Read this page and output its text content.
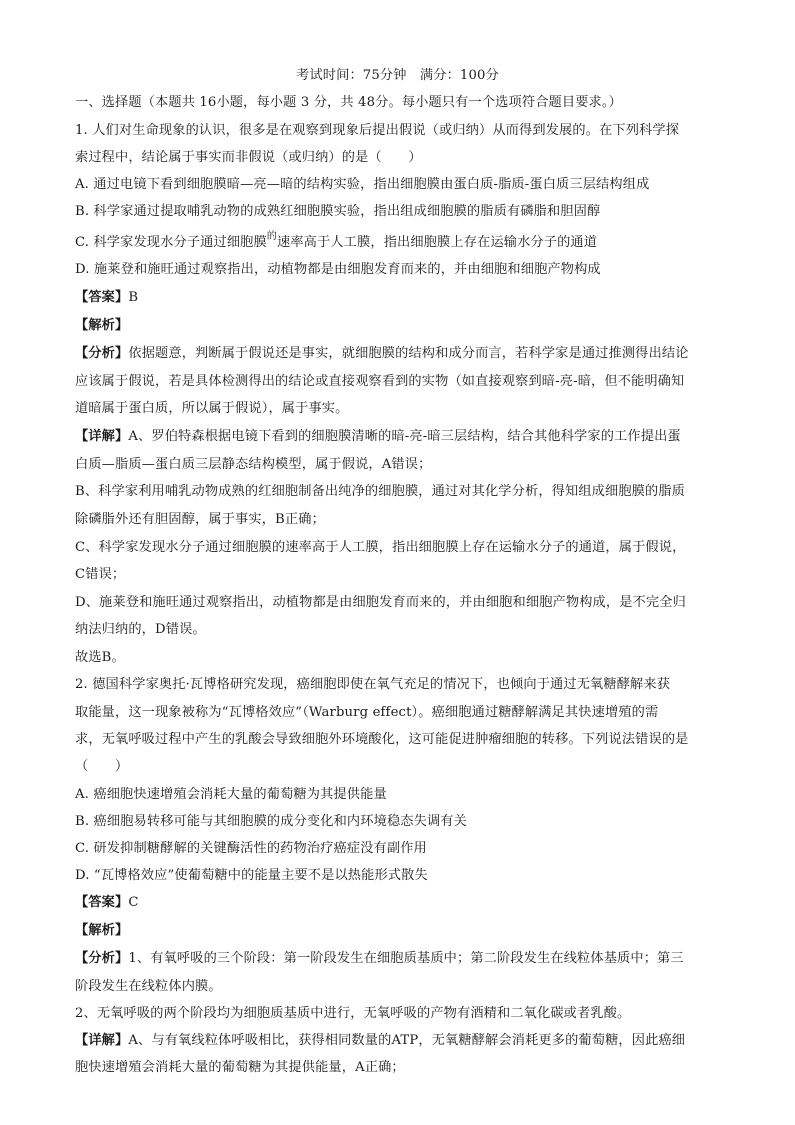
考试时间：75分钟　满分：100分
一、选择题（本题共 16小题，每小题 3 分，共 48分。每小题只有一个选项符合题目要求。）
1. 人们对生命现象的认识，很多是在观察到现象后提出假说（或归纳）从而得到发展的。在下列科学探
索过程中，结论属于事实而非假说（或归纳）的是（　　）
A. 通过电镜下看到细胞膜暗—亮—暗的结构实验，指出细胞膜由蛋白质-脂质-蛋白质三层结构组成
B. 科学家通过提取哺乳动物的成熟红细胞膜实验，指出组成细胞膜的脂质有磷脂和胆固醇
C. 科学家发现水分子通过细胞膜$^的$速率高于人工膜，指出细胞膜上存在运输水分子的通道
D. 施莱登和施旺通过观察指出，动植物都是由细胞发育而来的，并由细胞和细胞产物构成
【答案】B
【解析】
【分析】依据题意，判断属于假说还是事实，就细胞膜的结构和成分而言，若科学家是通过推测得出结论
应该属于假说，若是具体检测得出的结论或直接观察看到的实物（如直接观察到暗-亮-暗，但不能明确知
道暗属于蛋白质，所以属于假说），属于事实。
【详解】A、罗伯特森根据电镜下看到的细胞膜清晰的暗-亮-暗三层结构，结合其他科学家的工作提出蛋
白质—脂质—蛋白质三层静态结构模型，属于假说，A错误；
B、科学家利用哺乳动物成熟的红细胞制备出纯净的细胞膜，通过对其化学分析，得知组成细胞膜的脂质
除磷脂外还有胆固醇，属于事实，B正确；
C、科学家发现水分子通过细胞膜的速率高于人工膜，指出细胞膜上存在运输水分子的通道，属于假说，
C错误；
D、施莱登和施旺通过观察指出，动植物都是由细胞发育而来的，并由细胞和细胞产物构成，是不完全归
纳法归纳的，D错误。
故选B。
2. 德国科学家奥托·瓦博格研究发现，癌细胞即使在氧气充足的情况下，也倾向于通过无氧糖酵解来获
取能量，这一现象被称为“瓦博格效应”（Warburg effect）。癌细胞通过糖酵解满足其快速增殖的需
求，无氧呼吸过程中产生的乳酸会导致细胞外环境酸化，这可能促进肿瘤细胞的转移。下列说法错误的是
（　　）
A. 癌细胞快速增殖会消耗大量的葡萄糖为其提供能量
B. 癌细胞易转移可能与其细胞膜的成分变化和内环境稳态失调有关
C. 研发抑制糖酵解的关键酶活性的药物治疗癌症没有副作用
D. “瓦博格效应”使葡萄糖中的能量主要不是以热能形式散失
【答案】C
【解析】
【分析】1、有氧呼吸的三个阶段：第一阶段发生在细胞质基质中；第二阶段发生在线粒体基质中；第三
阶段发生在线粒体内膜。
2、无氧呼吸的两个阶段均为细胞质基质中进行，无氧呼吸的产物有酒精和二氧化碳或者乳酸。
【详解】A、与有氧线粒体呼吸相比，获得相同数量的ATP，无氧糖酵解会消耗更多的葡萄糖，因此癌细
胞快速增殖会消耗大量的葡萄糖为其提供能量，A正确；
